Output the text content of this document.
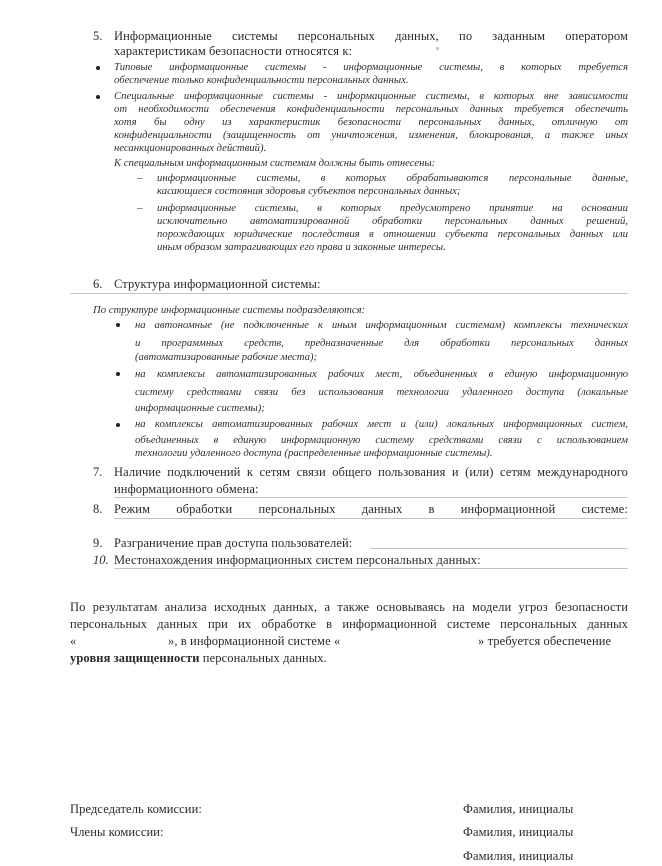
5. Информационные системы персональных данных, по заданным оператором
характеристикам безопасности относятся к:
Типовые информационные системы - информационные системы, в которых требуется
обеспечение только конфиденциальности персональных данных.
Специальные информационные системы - информационные системы, в которых вне зависимости
от необходимости обеспечения конфиденциальности персональных данных требуется обеспечить
хотя бы одну из характеристик безопасности персональных данных, отличную от
конфиденциальности (защищенность от уничтожения, изменения, блокирования, а также иных
несанкционированных действий).
К специальным информационным системам должны быть отнесены:
– информационные системы, в которых обрабатываются персональные данные,
касающиеся состояния здоровья субъектов персональных данных;
– информационные системы, в которых предусмотрено принятие на основании
исключительно автоматизированной обработки персональных данных решений,
порождающих юридические последствия в отношении субъекта персональных данных или
иным образом затрагивающих его права и законные интересы.
6. Структура информационной системы:
По структуре информационные системы подразделяются:
на автономные (не подключенные к иным информационным системам) комплексы технических
и программных средств, предназначенные для обработки персональных данных
(автоматизированные рабочие места);
на комплексы автоматизированных рабочих мест, объединенных в единую информационную
систему средствами связи без использования технологии удаленного доступа (локальные
информационные системы);
на комплексы автоматизированных рабочих мест и (или) локальных информационных систем,
объединенных в единую информационную систему средствами связи с использованием
технологии удаленного доступа (распределенные информационные системы).
7. Наличие подключений к сетям связи общего пользования и (или) сетям международного
информационного обмена:
8. Режим обработки персональных данных в информационной системе:
9. Разграничение прав доступа пользователей:
10. Местонахождения информационных систем персональных данных:
По результатам анализа исходных данных, а также основываясь на модели угроз безопасности
персональных данных при их обработке в информационной системе персональных данных
«	», в информационной системе «	» требуется обеспечение
уровня защищенности персональных данных.
Председатель комиссии:	Фамилия, инициалы
Члены комиссии:	Фамилия, инициалы
Фамилия, инициалы
